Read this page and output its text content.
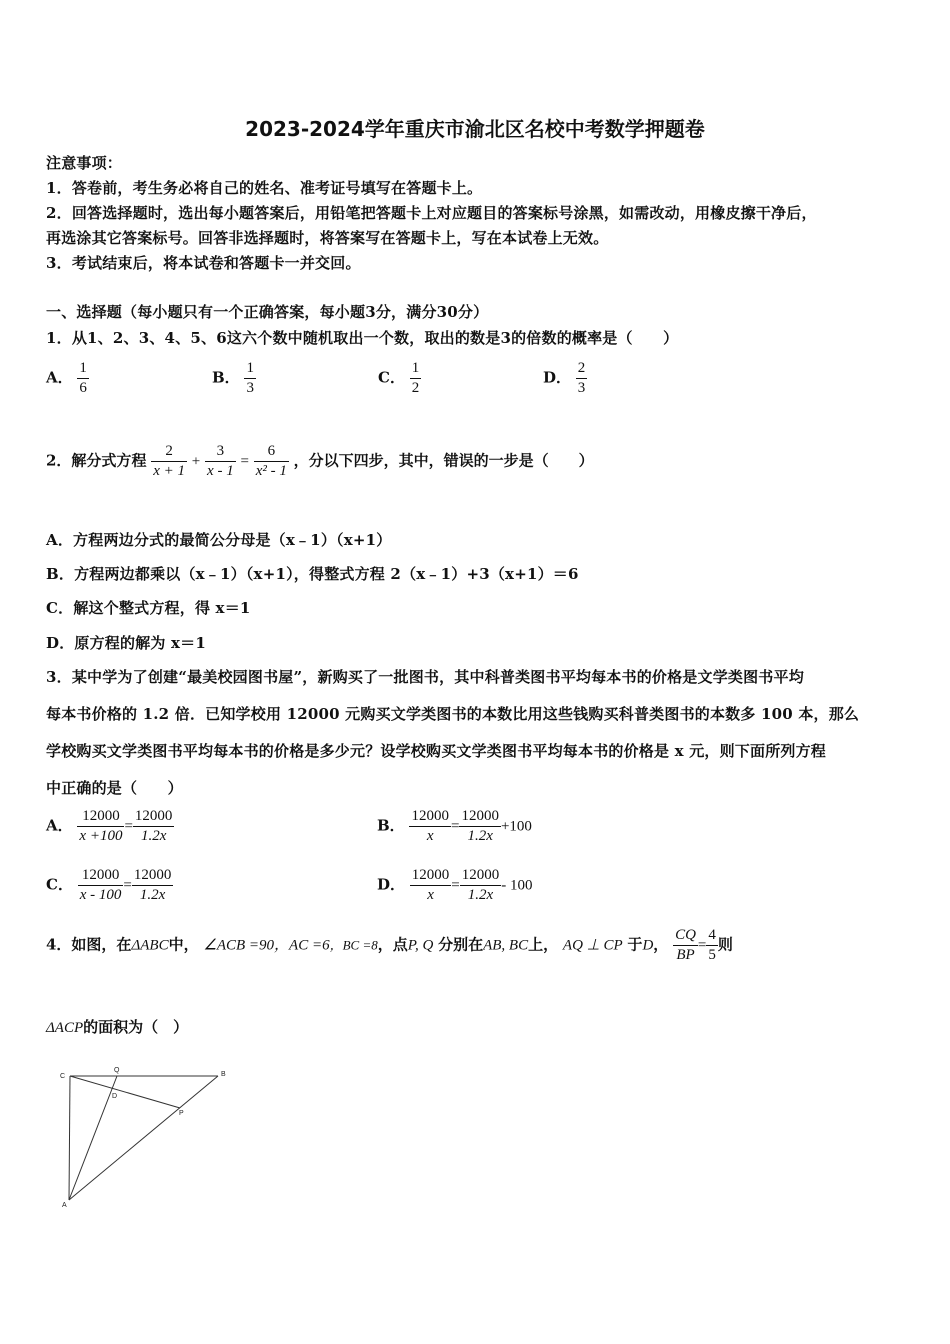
2023-2024学年重庆市渝北区名校中考数学押题卷
注意事项：
1．答卷前，考生务必将自己的姓名、准考证号填写在答题卡上。
2．回答选择题时，选出每小题答案后，用铅笔把答题卡上对应题目的答案标号涂黑，如需改动，用橡皮擦干净后，
再选涂其它答案标号。回答非选择题时，将答案写在答题卡上，写在本试卷上无效。
3．考试结束后，将本试卷和答题卡一并交回。
一、选择题（每小题只有一个正确答案，每小题3分，满分30分）
1．从1、2、3、4、5、6这六个数中随机取出一个数，取出的数是3的倍数的概率是（　　）
A． $\frac{1}{6}$	B． $\frac{1}{3}$	C． $\frac{1}{2}$	D． $\frac{2}{3}$
2．解分式方程 $\frac{2}{x + 1} + \frac{3}{x - 1} = \frac{6}{\text{x² - 1}}$ ，分以下四步，其中，错误的一步是（　　）
A．方程两边分式的最简公分母是（x﹣1）（x+1）
B．方程两边都乘以（x﹣1）（x+1），得整式方程 2（x﹣1）+3（x+1）＝6
C．解这个整式方程，得 x＝1
D．原方程的解为 x＝1
3．某中学为了创建“最美校园图书屋”，新购买了一批图书，其中科普类图书平均每本书的价格是文学类图书平均
每本书价格的 1.2 倍．已知学校用 12000 元购买文学类图书的本数比用这些钱购买科普类图书的本数多 100 本，那么
学校购买文学类图书平均每本书的价格是多少元？设学校购买文学类图书平均每本书的价格是 x 元，则下面所列方程
中正确的是（　　）
A． $\frac{12000}{x +100} = \frac{12000}{1.2x}$	B． $\frac{12000}{x} = \frac{12000}{1.2x} +100$
C． $\frac{12000}{x - 100} = \frac{12000}{1.2x}$	D． $\frac{12000}{x} = \frac{12000}{1.2x} - 100$
4．如图，在ΔABC中， ∠ACB =90，AC =6，BC =8，点P, Q 分别在AB, BC上， AQ ⊥ CP 于D， $\frac{CQ}{BP} = \frac{4}{5}$ 则
ΔACP的面积为（　）
C
Q
B
D
P
A
